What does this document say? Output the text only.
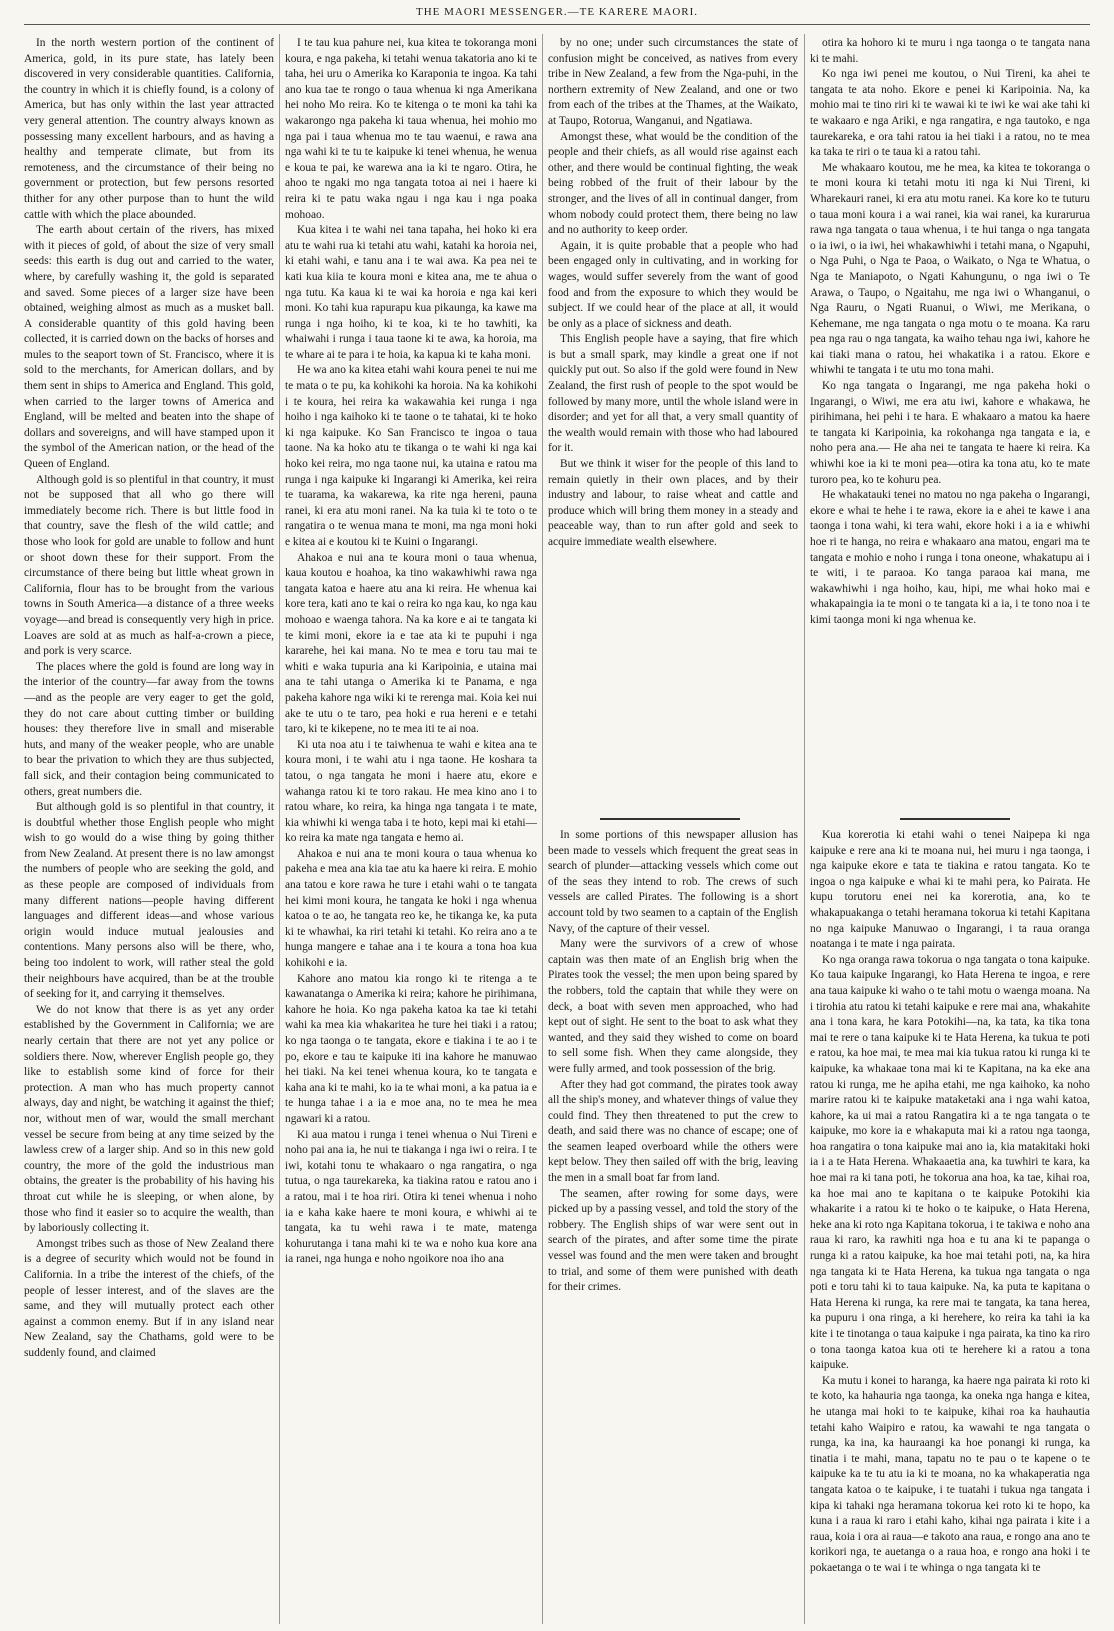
THE MAORI MESSENGER.—TE KARERE MAORI.

In the north western portion of the continent of America, gold, in its pure state, has lately been discovered in very considerable quantities. California, the country in which it is chiefly found, is a colony of America, but has only within the last year attracted very general attention. The country always known as possessing many excellent harbours, and as having a healthy and temperate climate, but from its remoteness, and the circumstance of their being no government or protection, but few persons resorted thither for any other purpose than to hunt the wild cattle with which the place abounded.

The earth about certain of the rivers, has mixed with it pieces of gold, of about the size of very small seeds: this earth is dug out and carried to the water, where, by carefully washing it, the gold is separated and saved. Some pieces of a larger size have been obtained, weighing almost as much as a musket ball. A considerable quantity of this gold having been collected, it is carried down on the backs of horses and mules to the seaport town of St. Francisco, where it is sold to the merchants, for American dollars, and by them sent in ships to America and England. This gold, when carried to the larger towns of America and England, will be melted and beaten into the shape of dollars and sovereigns, and will have stamped upon it the symbol of the American nation, or the head of the Queen of England.

Although gold is so plentiful in that country, it must not be supposed that all who go there will immediately become rich. There is but little food in that country, save the flesh of the wild cattle; and those who look for gold are unable to follow and hunt or shoot down these for their support. From the circumstance of there being but little wheat grown in California, flour has to be brought from the various towns in South America—a distance of a three weeks voyage—and bread is consequently very high in price. Loaves are sold at as much as half-a-crown a piece, and pork is very scarce.

The places where the gold is found are long way in the interior of the country—far away from the towns—and as the people are very eager to get the gold, they do not care about cutting timber or building houses: they therefore live in small and miserable huts, and many of the weaker people, who are unable to bear the privation to which they are thus subjected, fall sick, and their contagion being communicated to others, great numbers die.

But although gold is so plentiful in that country, it is doubtful whether those English people who might wish to go would do a wise thing by going thither from New Zealand. At present there is no law amongst the numbers of people who are seeking the gold, and as these people are composed of individuals from many different nations—people having different languages and different ideas—and whose various origin would induce mutual jealousies and contentions. Many persons also will be there, who, being too indolent to work, will rather steal the gold their neighbours have acquired, than be at the trouble of seeking for it, and carrying it themselves.

We do not know that there is as yet any order established by the Government in California; we are nearly certain that there are not yet any police or soldiers there. Now, wherever English people go, they like to establish some kind of force for their protection. A man who has much property cannot always, day and night, be watching it against the thief; nor, without men of war, would the small merchant vessel be secure from being at any time seized by the lawless crew of a larger ship. And so in this new gold country, the more of the gold the industrious man obtains, the greater is the probability of his having his throat cut while he is sleeping, or when alone, by those who find it easier so to acquire the wealth, than by laboriously collecting it.

Amongst tribes such as those of New Zealand there is a degree of security which would not be found in California. In a tribe the interest of the chiefs, of the people of lesser interest, and of the slaves are the same, and they will mutually protect each other against a common enemy. But if in any island near New Zealand, say the Chathams, gold were to be suddenly found, and claimed

I te tau kua pahure nei, kua kitea te tokoranga moni koura, e nga pakeha, ki tetahi wenua takatoria ano ki te taha, hei uru o Amerika ko Karaponia te ingoa. Ka tahi ano kua tae te rongo o taua whenua ki nga Amerikana hei noho Mo reira. Ko te kitenga o te moni ka tahi ka wakarongo nga pakeha ki taua whenua, hei mohio mo nga pai i taua whenua mo te tau waenui, e rawa ana nga wahi ki te tu te kaipuke ki tenei whenua, he wenua e koua te pai, ke warewa ana ia ki te ngaro. Otira, he ahoo te ngaki mo nga tangata totoa ai nei i haere ki reira ki te patu waka ngau i nga kau i nga poaka mohoao.

Kua kitea i te wahi nei tana tapaha, hei hoko ki era atu te wahi rua ki tetahi atu wahi, katahi ka horoia nei, ki etahi wahi, e tanu ana i te wai awa. Ka pea nei te kati kua kiia te koura moni e kitea ana, me te ahua o nga tutu. Ka kaua ki te wai ka horoia e nga kai keri moni. Ko tahi kua rapurapu kua pikaunga, ka kawe ma runga i nga hoiho, ki te koa, ki te ho tawhiti, ka whaiwahi i runga i taua taone ki te awa, ka horoia, ma te whare ai te para i te hoia, ka kapua ki te kaha moni.

He wa ano ka kitea etahi wahi koura penei te nui me te mata o te pu, ka kohikohi ka horoia. Na ka kohikohi i te koura, hei reira ka wakawahia kei runga i nga hoiho i nga kaihoko ki te taone o te tahatai, ki te hoko ki nga kaipuke. Ko San Francisco te ingoa o taua taone. Na ka hoko atu te tikanga o te wahi ki nga kai hoko kei reira, mo nga taone nui, ka utaina e ratou ma runga i nga kaipuke ki Ingarangi ki Amerika, kei reira te tuarama, ka wakarewa, ka rite nga hereni, pauna ranei, ki era atu moni ranei. Na ka tuia ki te toto o te rangatira o te wenua mana te moni, ma nga moni hoki e kitea ai e koutou ki te Kuini o Ingarangi.

Ahakoa e nui ana te koura moni o taua whenua, kaua koutou e hoahoa, ka tino wakawhiwhi rawa nga tangata katoa e haere atu ana ki reira. He whenua kai kore tera, kati ano te kai o reira ko nga kau, ko nga kau mohoao e waenga tahora. Na ka kore e ai te tangata ki te kimi moni, ekore ia e tae ata ki te pupuhi i nga kararehe, hei kai mana. No te mea e toru tau mai te whiti e waka tupuria ana ki Karipoinia, e utaina mai ana te tahi utanga o Amerika ki te Panama, e nga pakeha kahore nga wiki ki te rerenga mai. Koia kei nui ake te utu o te taro, pea hoki e rua hereni e e tetahi taro, ki te kikepene, no te mea iti te ai noa.

Ki uta noa atu i te taiwhenua te wahi e kitea ana te koura moni, i te wahi atu i nga taone. He koshara ta tatou, o nga tangata he moni i haere atu, ekore e wahanga ratou ki te toro rakau. He mea kino ano i to ratou whare, ko reira, ka hinga nga tangata i te mate, kia whiwhi ki wenga taba i te hoto, kepi mai ki etahi—ko reira ka mate nga tangata e hemo ai.

Ahakoa e nui ana te moni koura o taua whenua ko pakeha e mea ana kia tae atu ka haere ki reira. E mohio ana tatou e kore rawa he ture i etahi wahi o te tangata hei kimi moni koura, he tangata ke hoki i nga whenua katoa o te ao, he tangata reo ke, he tikanga ke, ka puta ki te whawhai, ka riri tetahi ki tetahi. Ko reira ano a te hunga mangere e tahae ana i te koura a tona hoa kua kohikohi e ia.

Kahore ano matou kia rongo ki te ritenga a te kawanatanga o Amerika ki reira; kahore he pirihimana, kahore he hoia. Ko nga pakeha katoa ka tae ki tetahi wahi ka mea kia whakaritea he ture hei tiaki i a ratou; ko nga taonga o te tangata, ekore e tiakina i te ao i te po, ekore e tau te kaipuke iti ina kahore he manuwao hei tiaki. Na kei tenei whenua koura, ko te tangata e kaha ana ki te mahi, ko ia te whai moni, a ka patua ia e te hunga tahae i a ia e moe ana, no te mea he mea ngawari ki a ratou.

Ki aua matou i runga i tenei whenua o Nui Tireni e noho pai ana ia, he nui te tiakanga i nga iwi o reira. I te iwi, kotahi tonu te whakaaro o nga rangatira, o nga tutua, o nga taurekareka, ka tiakina ratou e ratou ano i a ratou, mai i te hoa riri. Otira ki tenei whenua i noho ia e kaha kake haere te moni koura, e whiwhi ai te tangata, ka tu wehi rawa i te mate, matenga kohurutanga i tana mahi ki te wa e noho kua kore ana ia ranei, nga hunga e noho ngoikore noa iho ana

by no one; under such circumstances the state of confusion might be conceived, as natives from every tribe in New Zealand, a few from the Nga-puhi, in the northern extremity of New Zealand, and one or two from each of the tribes at the Thames, at the Waikato, at Taupo, Rotorua, Wanganui, and Ngatiawa.

Amongst these, what would be the condition of the people and their chiefs, as all would rise against each other, and there would be continual fighting, the weak being robbed of the fruit of their labour by the stronger, and the lives of all in continual danger, from whom nobody could protect them, there being no law and no authority to keep order.

Again, it is quite probable that a people who had been engaged only in cultivating, and in working for wages, would suffer severely from the want of good food and from the exposure to which they would be subject. If we could hear of the place at all, it would be only as a place of sickness and death.

This English people have a saying, that fire which is but a small spark, may kindle a great one if not quickly put out. So also if the gold were found in New Zealand, the first rush of people to the spot would be followed by many more, until the whole island were in disorder; and yet for all that, a very small quantity of the wealth would remain with those who had laboured for it.

But we think it wiser for the people of this land to remain quietly in their own places, and by their industry and labour, to raise wheat and cattle and produce which will bring them money in a steady and peaceable way, than to run after gold and seek to acquire immediate wealth elsewhere.

otira ka hohoro ki te muru i nga taonga o te tangata nana ki te mahi.

Ko nga iwi penei me koutou, o Nui Tireni, ka ahei te tangata te ata noho. Ekore e penei ki Karipoinia. Na, ka mohio mai te tino riri ki te wawai ki te iwi ke wai ake tahi ki te wakaaro e nga Ariki, e nga rangatira, e nga tautoko, e nga taurekareka, e ora tahi ratou ia hei tiaki i a ratou, no te mea ka taka te riri o te taua ki a ratou tahi.

Me whakaaro koutou, me he mea, ka kitea te tokoranga o te moni koura ki tetahi motu iti nga ki Nui Tireni, ki Wharekauri ranei, ki era atu motu ranei. Ka kore ko te tuturu o taua moni koura i a wai ranei, kia wai ranei, ka kurarurua rawa nga tangata o taua whenua, i te hui tanga o nga tangata o ia iwi, o ia iwi, hei whakawhiwhi i tetahi mana, o Ngapuhi, o Nga Puhi, o Nga te Paoa, o Waikato, o Nga te Whatua, o Nga te Maniapoto, o Ngati Kahungunu, o nga iwi o Te Arawa, o Taupo, o Ngaitahu, me nga iwi o Whanganui, o Nga Rauru, o Ngati Ruanui, o Wiwi, me Merikana, o Kehemane, me nga tangata o nga motu o te moana. Ka raru pea nga rau o nga tangata, ka waiho tehau nga iwi, kahore he kai tiaki mana o ratou, hei whakatika i a ratou. Ekore e whiwhi te tangata i te utu mo tona mahi.

Ko nga tangata o Ingarangi, me nga pakeha hoki o Ingarangi, o Wiwi, me era atu iwi, kahore e whakawa, he pirihimana, hei pehi i te hara. E whakaaro a matou ka haere te tangata ki Karipoinia, ka rokohanga nga tangata e ia, e noho pera ana.— He aha nei te tangata te haere ki reira. Ka whiwhi koe ia ki te moni pea—otira ka tona atu, ko te mate turoro pea, ko te kohuru pea.

He whakatauki tenei no matou no nga pakeha o Ingarangi, ekore e whai te hehe i te rawa, ekore ia e ahei te kawe i ana taonga i tona wahi, ki tera wahi, ekore hoki i a ia e whiwhi hoe ri te hanga, no reira e whakaaro ana matou, engari ma te tangata e mohio e noho i runga i tona oneone, whakatupu ai i te witi, i te paraoa. Ko tanga paraoa kai mana, me wakawhiwhi i nga hoiho, kau, hipi, me whai hoko mai e whakapaingia ia te moni o te tangata ki a ia, i te tono noa i te kimi taonga moni ki nga whenua ke.

In some portions of this newspaper allusion has been made to vessels which frequent the great seas in search of plunder—attacking vessels which come out of the seas they intend to rob. The crews of such vessels are called Pirates. The following is a short account told by two seamen to a captain of the English Navy, of the capture of their vessel.

Many were the survivors of a crew of whose captain was then mate of an English brig when the Pirates took the vessel; the men upon being spared by the robbers, told the captain that while they were on deck, a boat with seven men approached, who had kept out of sight. He sent to the boat to ask what they wanted, and they said they wished to come on board to sell some fish. When they came alongside, they were fully armed, and took possession of the brig.

After they had got command, the pirates took away all the ship's money, and whatever things of value they could find. They then threatened to put the crew to death, and said there was no chance of escape; one of the seamen leaped overboard while the others were kept below. They then sailed off with the brig, leaving the men in a small boat far from land.

The seamen, after rowing for some days, were picked up by a passing vessel, and told the story of the robbery. The English ships of war were sent out in search of the pirates, and after some time the pirate vessel was found and the men were taken and brought to trial, and some of them were punished with death for their crimes.

Kua korerotia ki etahi wahi o tenei Naipepa ki nga kaipuke e rere ana ki te moana nui, hei muru i nga taonga, i nga kaipuke ekore e tata te tiakina e ratou tangata. Ko te ingoa o nga kaipuke e whai ki te mahi pera, ko Pairata. He kupu torutoru enei nei ka korerotia, ana, ko te whakapuakanga o tetahi heramana tokorua ki tetahi Kapitana no nga kaipuke Manuwao o Ingarangi, i ta raua oranga noatanga i te mate i nga pairata.

Ko nga oranga rawa tokorua o nga tangata o tona kaipuke. Ko taua kaipuke Ingarangi, ko Hata Herena te ingoa, e rere ana taua kaipuke ki waho o te tahi motu o waenga moana. Na i tirohia atu ratou ki tetahi kaipuke e rere mai ana, whakahite ana i tona kara, he kara Potokihi—na, ka tata, ka tika tona mai te rere o tana kaipuke ki te Hata Herena, ka tukua te poti e ratou, ka hoe mai, te mea mai kia tukua ratou ki runga ki te kaipuke, ka whakaae tona mai ki te Kapitana, na ka eke ana ratou ki runga, me he apiha etahi, me nga kaihoko, ka noho marire ratou ki te kaipuke mataketaki ana i nga wahi katoa, kahore, ka ui mai a ratou Rangatira ki a te nga tangata o te kaipuke, mo kore ia e whakaputa mai ki a ratou nga taonga, hoa rangatira o tona kaipuke mai ano ia, kia matakitaki hoki ia i a te Hata Herena. Whakaaetia ana, ka tuwhiri te kara, ka hoe mai ra ki tana poti, he tokorua ana hoa, ka tae, kihai roa, ka hoe mai ano te kapitana o te kaipuke Potokihi kia whakarite i a ratou ki te hoko o te kaipuke, o Hata Herena, heke ana ki roto nga Kapitana tokorua, i te takiwa e noho ana raua ki raro, ka rawhiti nga hoa e tu ana ki te papanga o runga ki a ratou kaipuke, ka hoe mai tetahi poti, na, ka hira nga tangata ki te Hata Herena, ka tukua nga tangata o nga poti e toru tahi ki to taua kaipuke. Na, ka puta te kapitana o Hata Herena ki runga, ka rere mai te tangata, ka tana herea, ka pupuru i ona ringa, a ki herehere, ko reira ka tahi ia ka kite i te tinotanga o taua kaipuke i nga pairata, ka tino ka riro o tona taonga katoa kua oti te herehere ki a ratou a tona kaipuke.

Ka mutu i konei to haranga, ka haere nga pairata ki roto ki te koto, ka hahauria nga taonga, ka oneka nga hanga e kitea, he utanga mai hoki to te kaipuke, kihai roa ka hauhautia tetahi kaho Waipiro e ratou, ka wawahi te nga tangata o runga, ka ina, ka hauraangi ka hoe ponangi ki runga, ka tinatia i te mahi, mana, tapatu no te pau o te kapene o te kaipuke ka te tu atu ia ki te moana, no ka whakaperatia nga tangata katoa o te kaipuke, i te tuatahi i tukua nga tangata i kipa ki tahaki nga heramana tokorua kei roto ki te hopo, ka kuna i a raua ki raro i etahi kaho, kihai nga pairata i kite i a raua, koia i ora ai raua—e takoto ana raua, e rongo ana ano te korikori nga, te auetanga o a raua hoa, e rongo ana hoki i te pokaetanga o te wai i te whinga o nga tangata ki te
